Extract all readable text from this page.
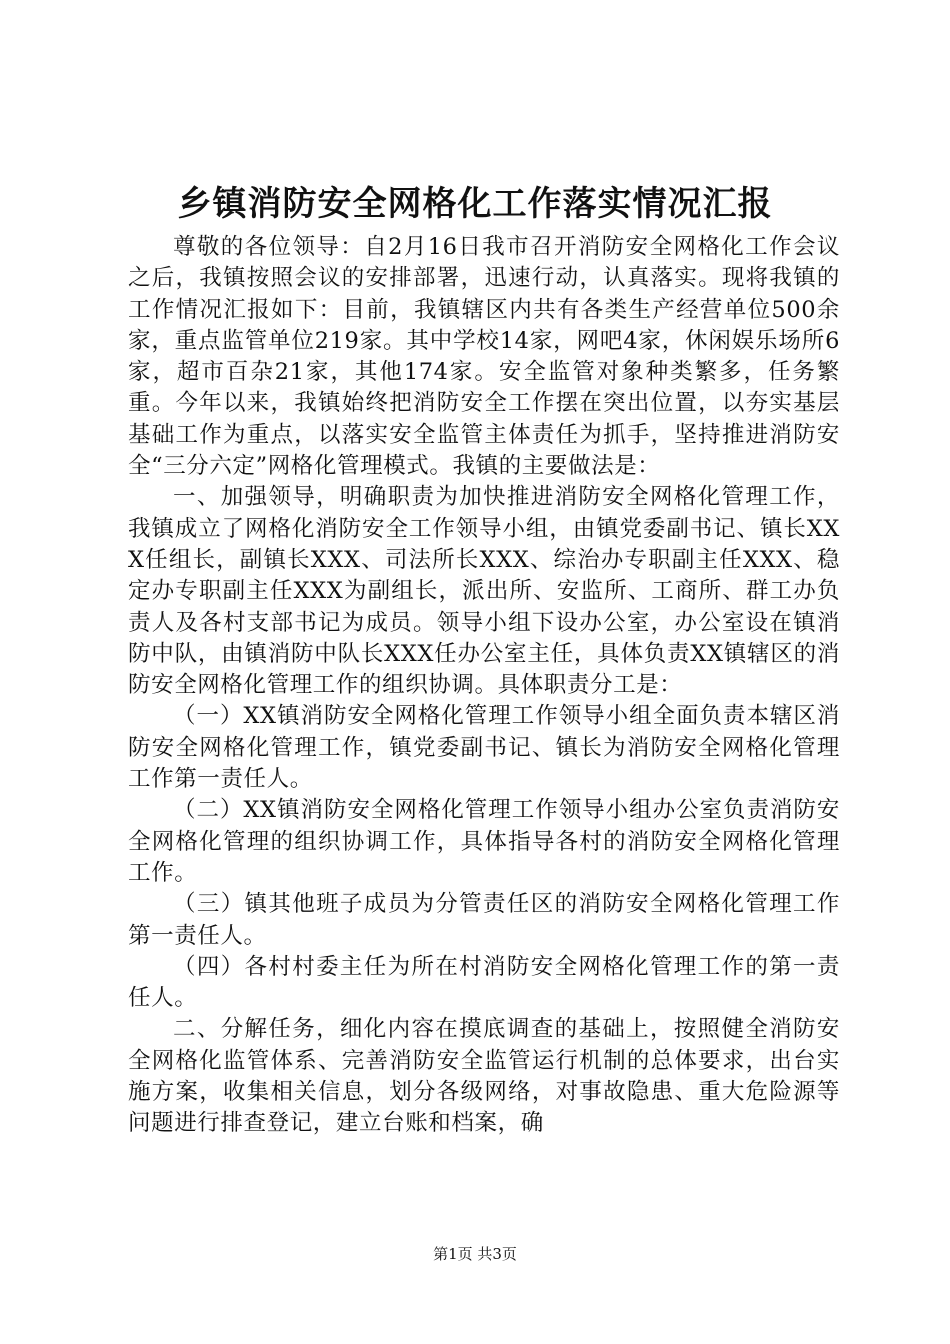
乡镇消防安全网格化工作落实情况汇报

尊敬的各位领导：自2月16日我市召开消防安全网格化工作会议之后，我镇按照会议的安排部署，迅速行动，认真落实。现将我镇的工作情况汇报如下：目前，我镇辖区内共有各类生产经营单位500余家，重点监管单位219家。其中学校14家，网吧4家，休闲娱乐场所6家，超市百杂21家，其他174家。安全监管对象种类繁多，任务繁重。今年以来，我镇始终把消防安全工作摆在突出位置，以夯实基层基础工作为重点，以落实安全监管主体责任为抓手，坚持推进消防安全“三分六定”网格化管理模式。我镇的主要做法是：

一、加强领导，明确职责为加快推进消防安全网格化管理工作，我镇成立了网格化消防安全工作领导小组，由镇党委副书记、镇长XXX任组长，副镇长XXX、司法所长XXX、综治办专职副主任XXX、稳定办专职副主任XXX为副组长，派出所、安监所、工商所、群工办负责人及各村支部书记为成员。领导小组下设办公室，办公室设在镇消防中队，由镇消防中队长XXX任办公室主任，具体负责XX镇辖区的消防安全网格化管理工作的组织协调。具体职责分工是：

（一）XX镇消防安全网格化管理工作领导小组全面负责本辖区消防安全网格化管理工作，镇党委副书记、镇长为消防安全网格化管理工作第一责任人。

（二）XX镇消防安全网格化管理工作领导小组办公室负责消防安全网格化管理的组织协调工作，具体指导各村的消防安全网格化管理工作。

（三）镇其他班子成员为分管责任区的消防安全网格化管理工作第一责任人。

（四）各村村委主任为所在村消防安全网格化管理工作的第一责任人。

二、分解任务，细化内容在摸底调查的基础上，按照健全消防安全网格化监管体系、完善消防安全监管运行机制的总体要求，出台实施方案，收集相关信息，划分各级网络，对事故隐患、重大危险源等问题进行排查登记，建立台账和档案，确

第1页 共3页
